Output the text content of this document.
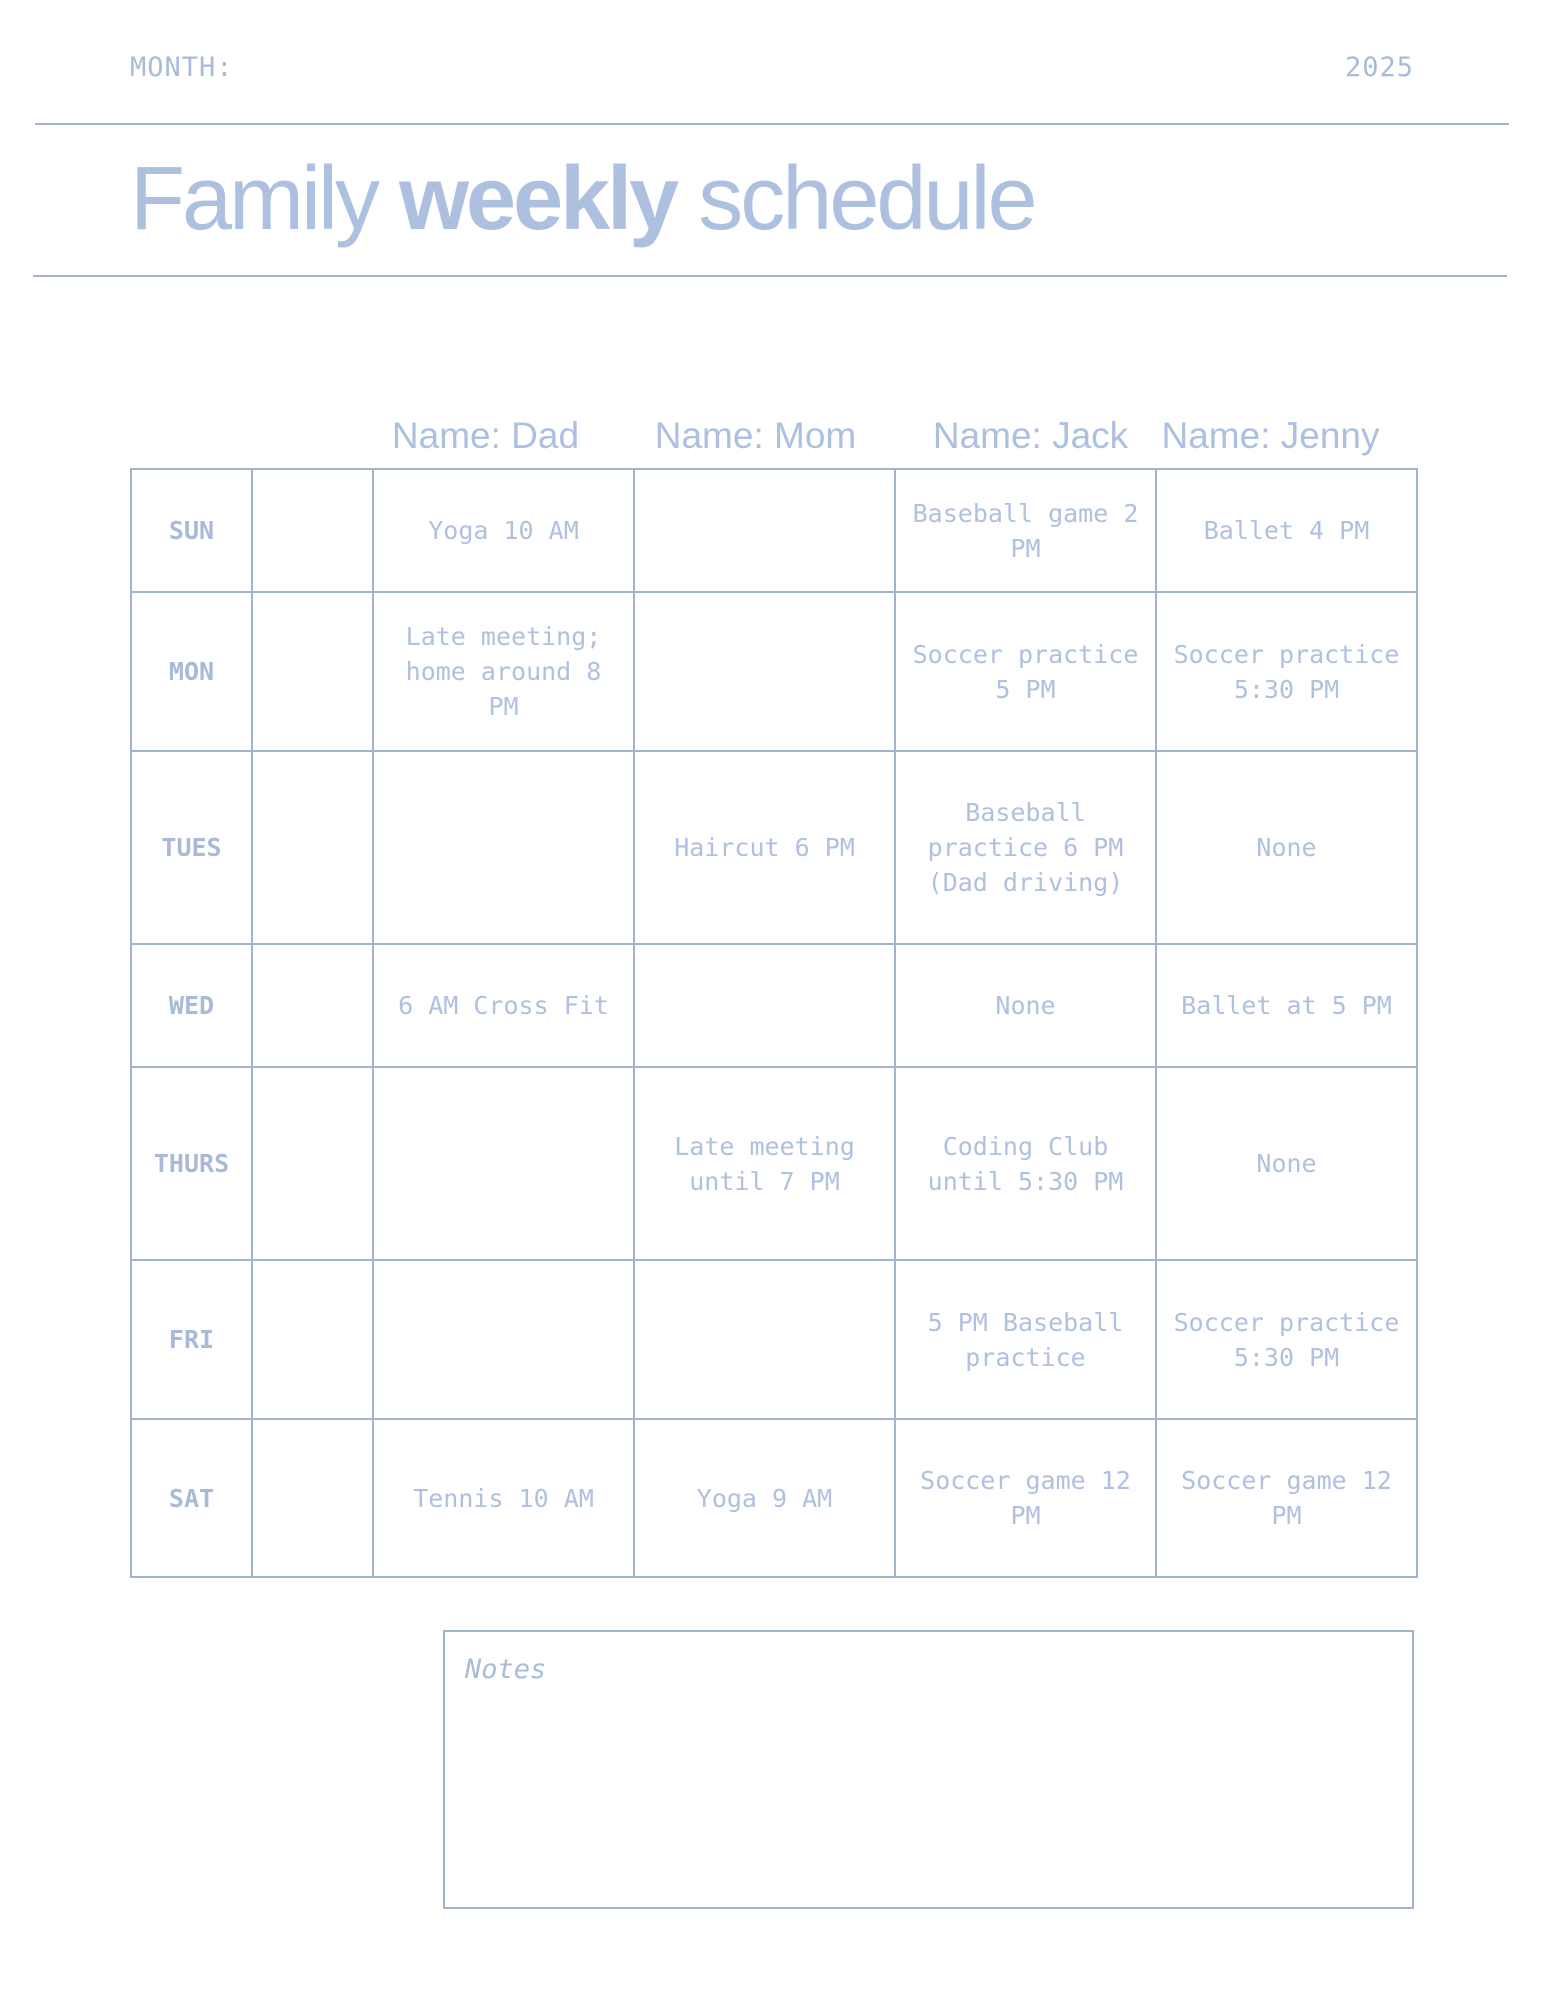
MONTH:	2025
Family weekly schedule
Name: Dad	Name: Mom	Name: Jack Name: Jenny
SUN		Yoga 10 AM		Baseball game 2 PM	Ballet 4 PM
MON		Late meeting; home around 8 PM		Soccer practice 5 PM	Soccer practice 5:30 PM
TUES			Haircut 6 PM	Baseball practice 6 PM (Dad driving)	None
WED		6 AM Cross Fit		None	Ballet at 5 PM
THURS			Late meeting until 7 PM	Coding Club until 5:30 PM	None
FRI				5 PM Baseball practice	Soccer practice 5:30 PM
SAT		Tennis 10 AM	Yoga 9 AM	Soccer game 12 PM	Soccer game 12 PM
Notes
